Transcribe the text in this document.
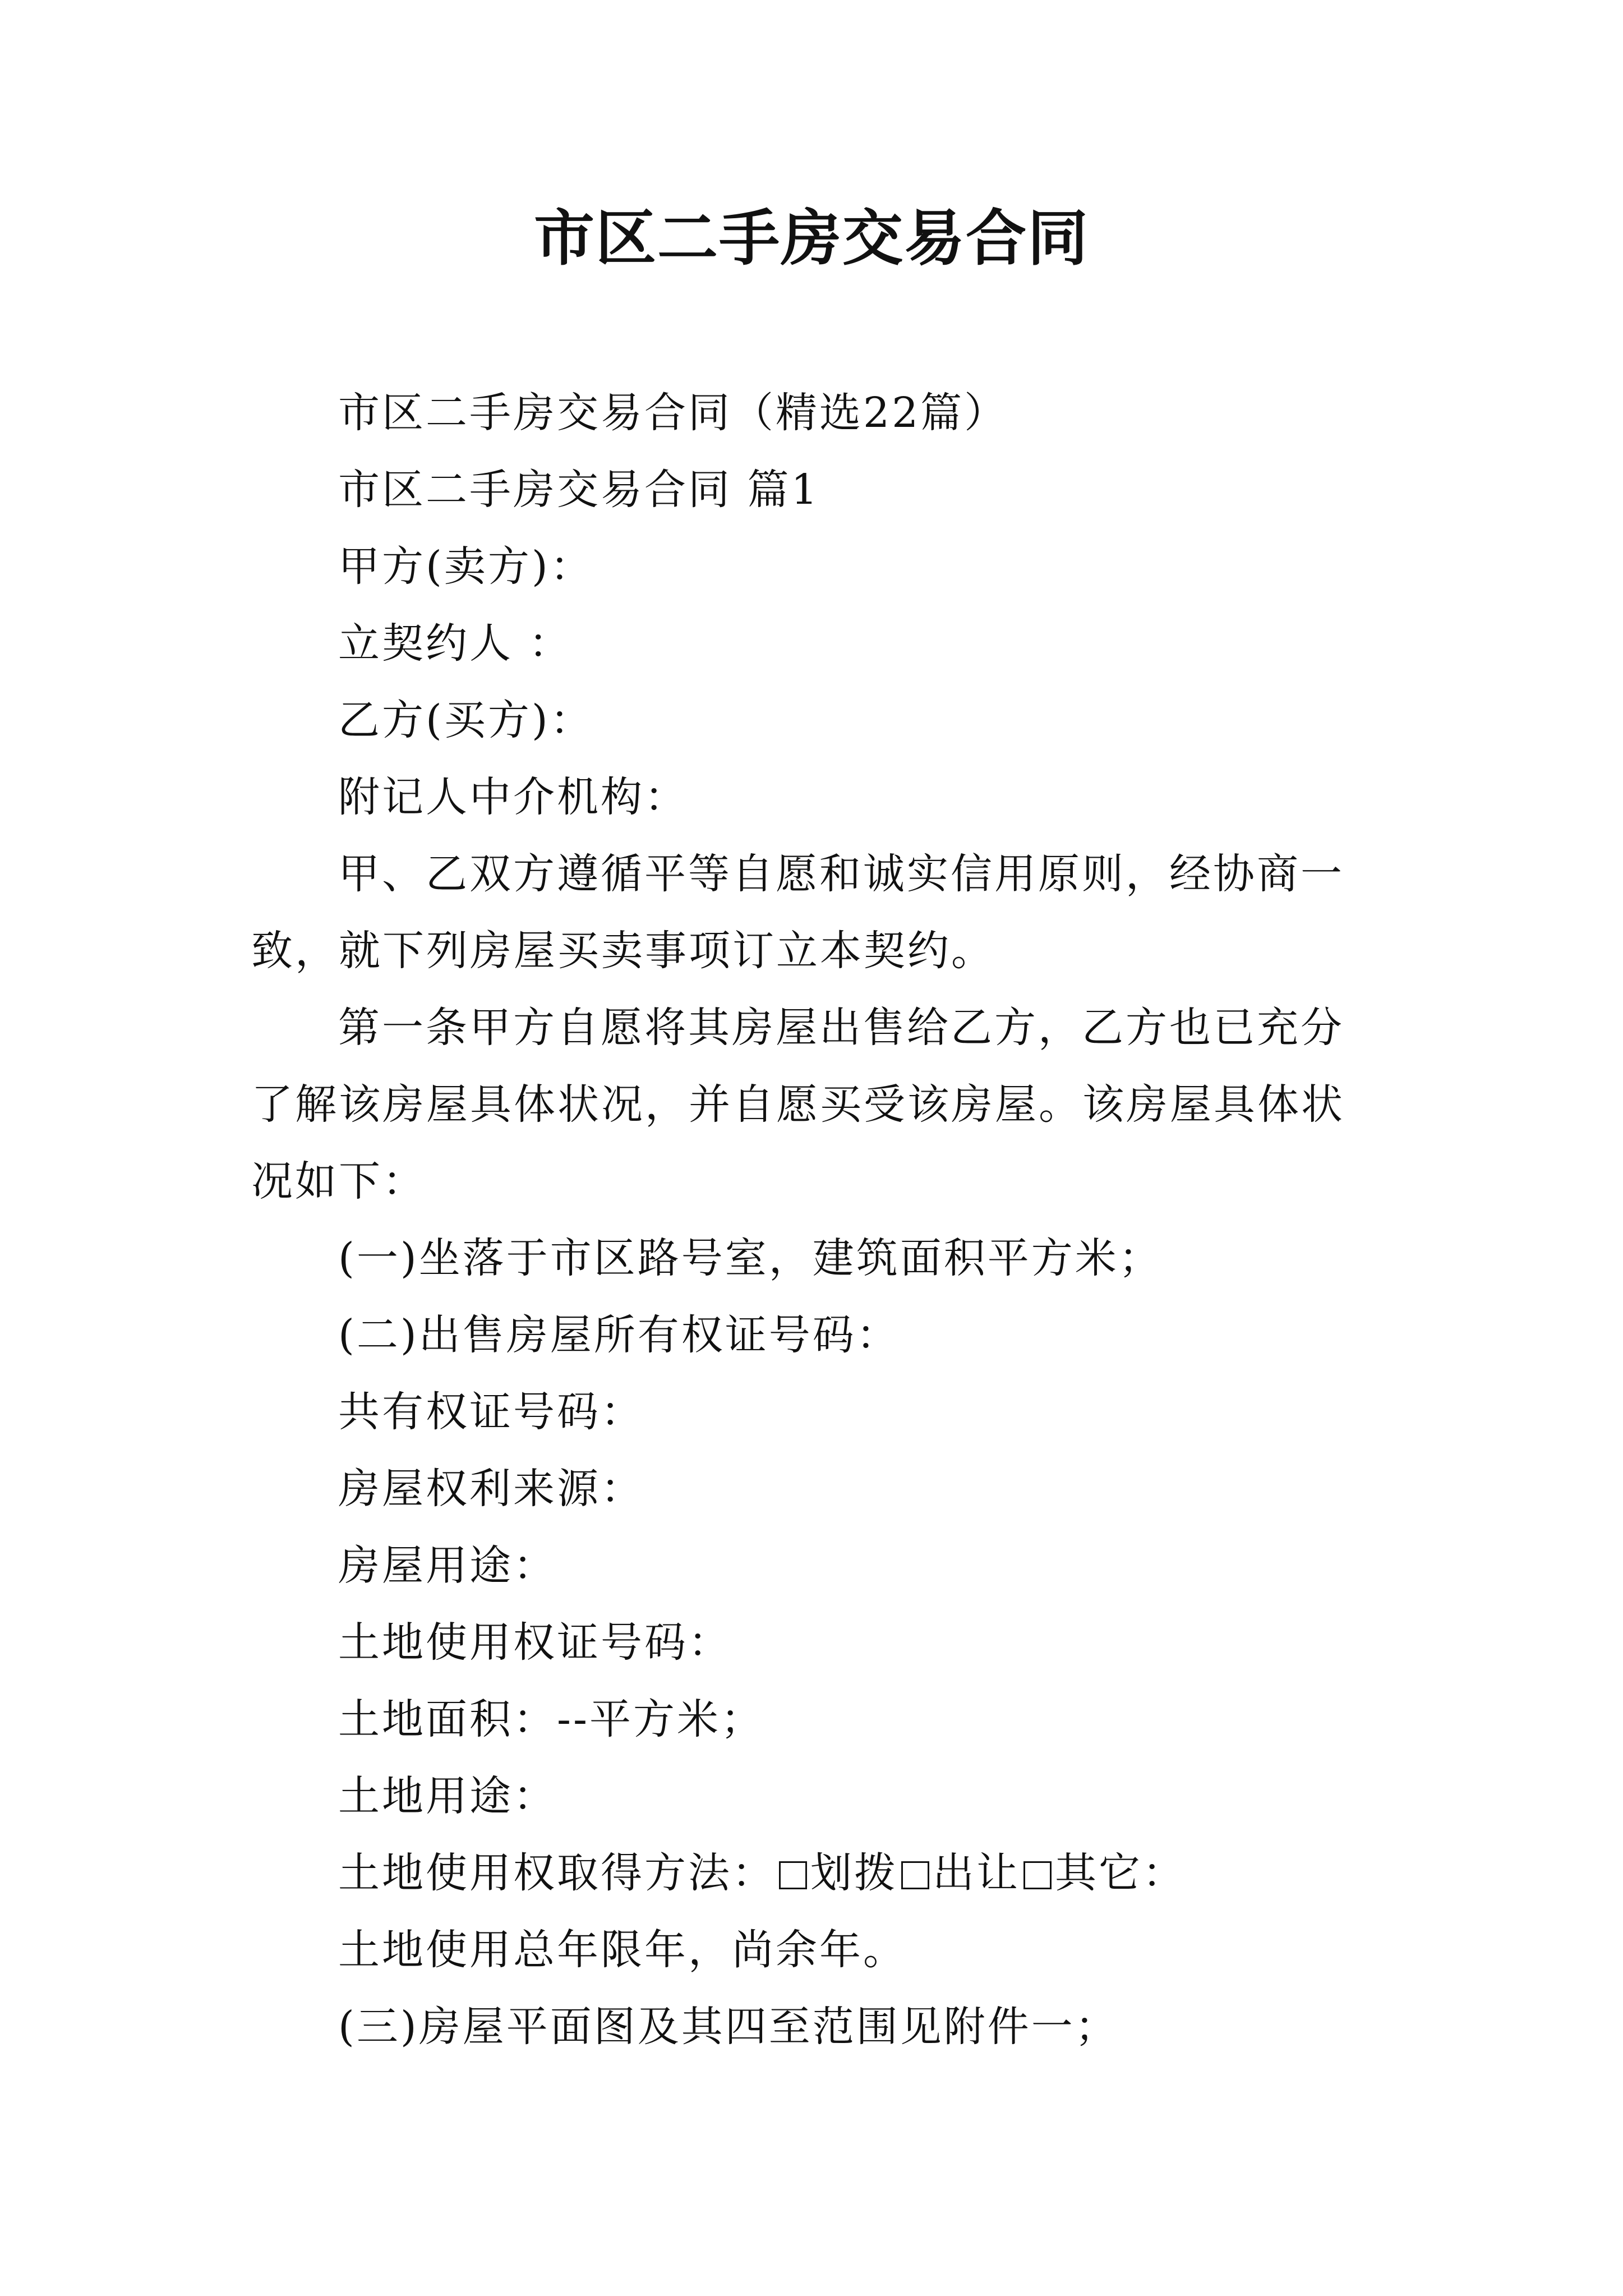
市区二手房交易合同

市区二手房交易合同（精选22篇）

市区二手房交易合同 篇1

甲方(卖方)：

立契约人 ：

乙方(买方)：

附记人中介机构：

甲、乙双方遵循平等自愿和诚实信用原则，经协商一致，就下列房屋买卖事项订立本契约。

第一条甲方自愿将其房屋出售给乙方，乙方也已充分了解该房屋具体状况，并自愿买受该房屋。该房屋具体状况如下：

(一)坐落于市区路号室，建筑面积平方米；

(二)出售房屋所有权证号码：

共有权证号码：

房屋权利来源：

房屋用途：

土地使用权证号码：

土地面积：--平方米；

土地用途：

土地使用权取得方法： 划拨 出让 其它：

土地使用总年限年，尚余年。

(三)房屋平面图及其四至范围见附件一；
